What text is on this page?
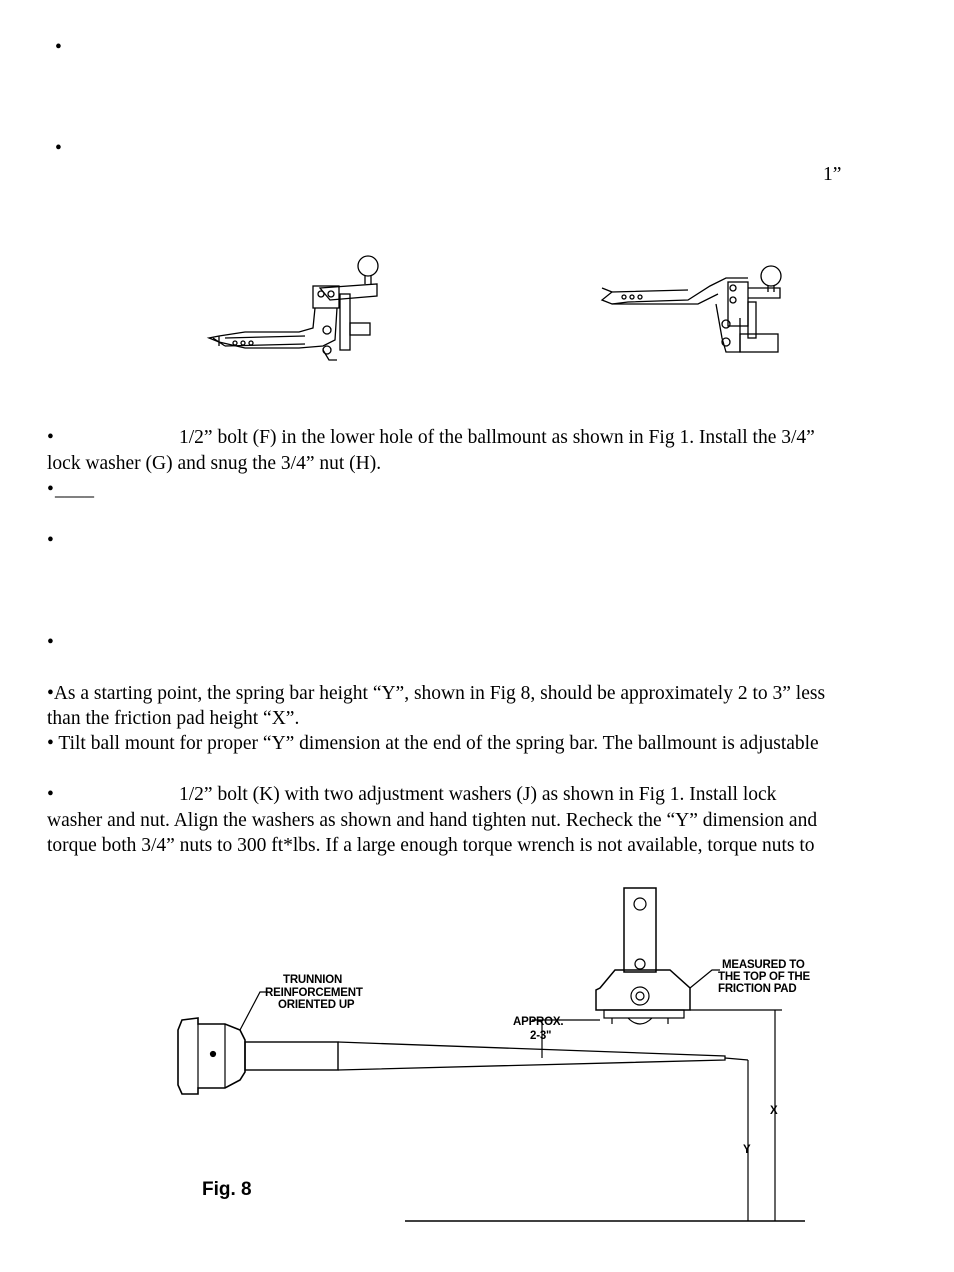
•
•
1”
•	1/2” bolt (F) in the lower hole of the ballmount as shown in Fig 1. Install the 3/4”
lock washer (G) and snug the 3/4” nut (H).
• ____
•
•
•As a starting point, the spring bar height “Y”, shown in Fig 8, should be approximately 2 to 3” less
than the friction pad height “X”.
• Tilt ball mount for proper “Y” dimension at the end of the spring bar. The ballmount is adjustable
•	1/2” bolt (K) with two adjustment washers (J) as shown in Fig 1. Install lock
washer and nut. Align the washers as shown and hand tighten nut. Recheck the “Y” dimension and
torque both 3/4” nuts to 300 ft*lbs. If a large enough torque wrench is not available, torque nuts to
TRUNNION
REINFORCEMENT
ORIENTED UP
MEASURED TO
THE TOP OF THE
FRICTION PAD
APPROX.
2-3"
X
Y
Fig. 8
